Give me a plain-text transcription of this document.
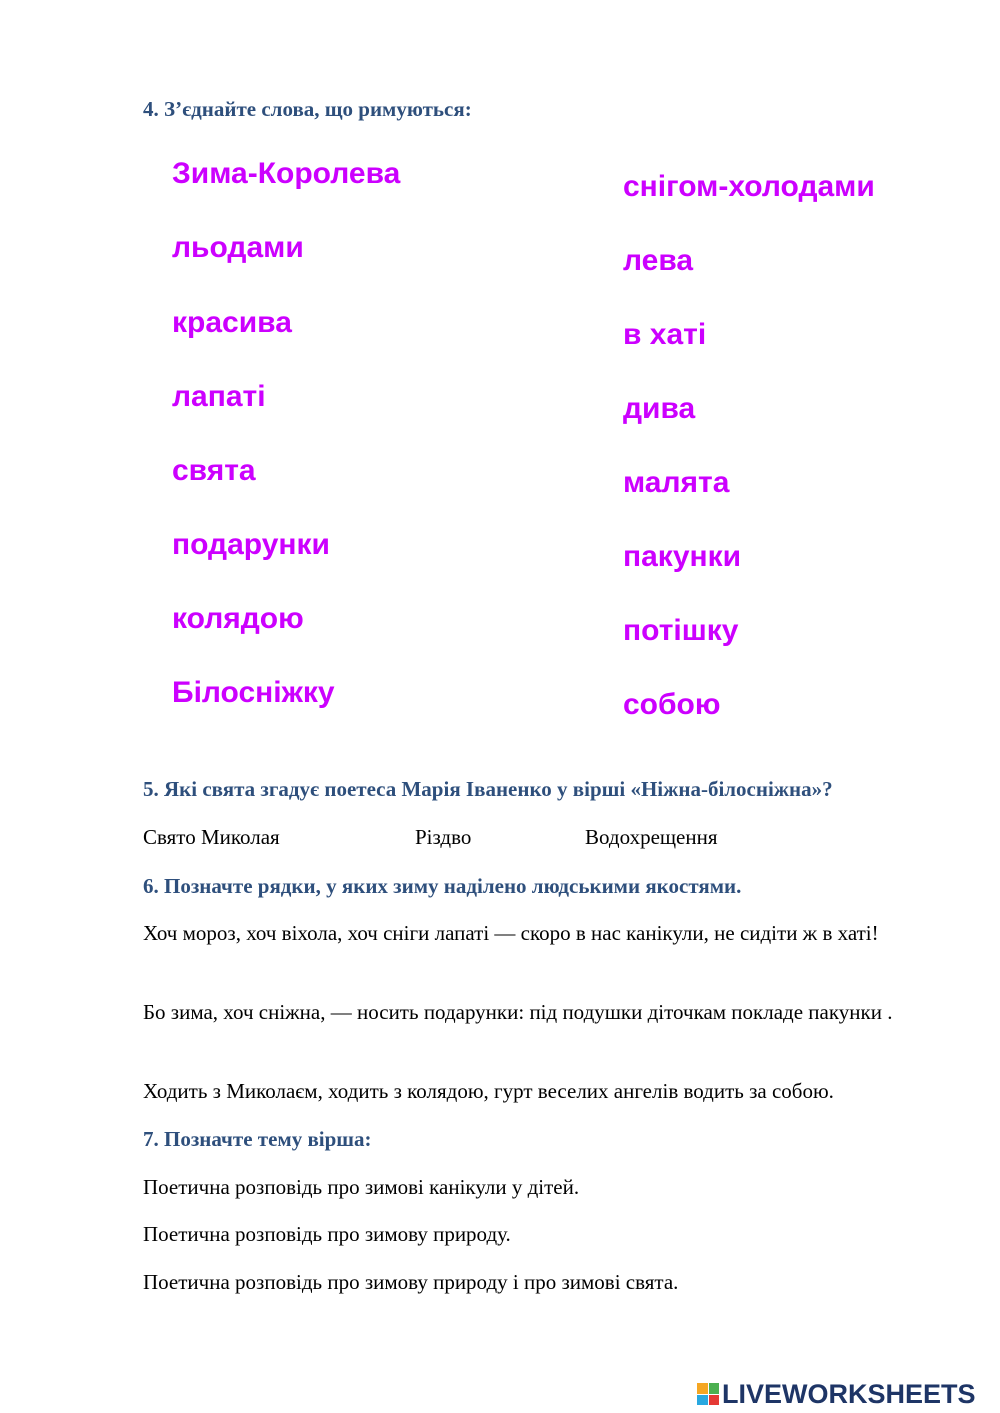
4. З’єднайте слова, що римуються:
Зима-Королева
льодами
красива
лапаті
свята
подарунки
колядою
Білосніжку
снігом-холодами
лева
в хаті
дива
малята
пакунки
потішку
собою
5. Які свята згадує поетеса Марія Іваненко у вірші «Ніжна-білосніжна»?
Свято Миколая	Різдво	Водохрещення
6. Позначте рядки, у яких зиму наділено людськими якостями.
Хоч мороз, хоч віхола, хоч сніги лапаті — скоро в нас канікули, не сидіти ж в хаті!
Бо зима, хоч сніжна, — носить подарунки: під подушки діточкам покладе пакунки .
Ходить з Миколаєм, ходить з колядою, гурт веселих ангелів водить за собою.
7. Позначте тему вірша:
Поетична розповідь про зимові канікули у дітей.
Поетична розповідь про зимову природу.
Поетична розповідь про зимову природу і про зимові свята.
LIVEWORKSHEETS
